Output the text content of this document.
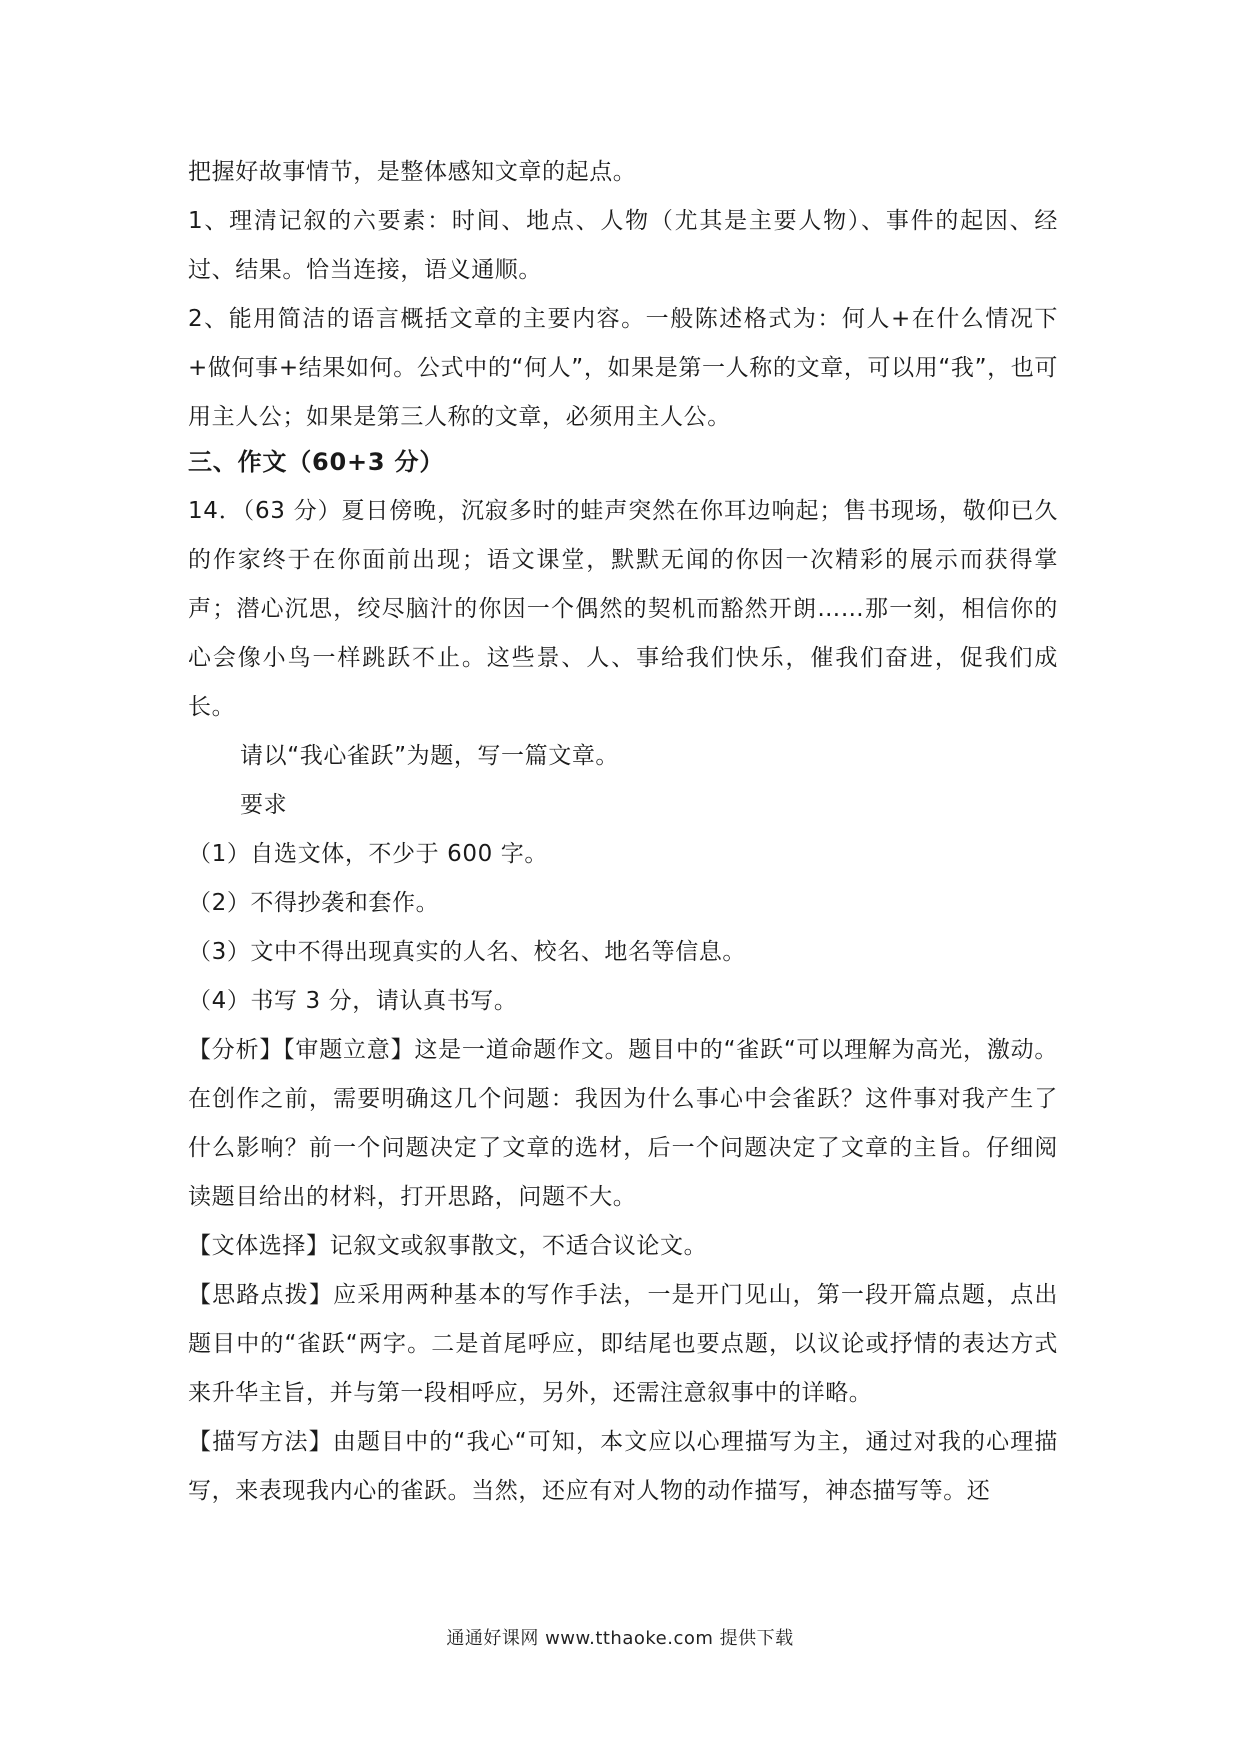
把握好故事情节，是整体感知文章的起点。

1、理清记叙的六要素：时间、地点、人物（尤其是主要人物）、事件的起因、经过、结果。恰当连接，语义通顺。

2、能用简洁的语言概括文章的主要内容。一般陈述格式为：何人+在什么情况下+做何事+结果如何。公式中的“何人”，如果是第一人称的文章，可以用“我”，也可用主人公；如果是第三人称的文章，必须用主人公。

三、作文（60+3 分）

14．（63 分）夏日傍晚，沉寂多时的蛙声突然在你耳边响起；售书现场，敬仰已久的作家终于在你面前出现；语文课堂，默默无闻的你因一次精彩的展示而获得掌声；潜心沉思，绞尽脑汁的你因一个偶然的契机而豁然开朗……那一刻，相信你的心会像小鸟一样跳跃不止。这些景、人、事给我们快乐，催我们奋进，促我们成长。

请以“我心雀跃”为题，写一篇文章。

要求

（1）自选文体，不少于 600 字。

（2）不得抄袭和套作。

（3）文中不得出现真实的人名、校名、地名等信息。

（4）书写 3 分，请认真书写。

【分析】【审题立意】这是一道命题作文。题目中的“雀跃“可以理解为高光，激动。在创作之前，需要明确这几个问题：我因为什么事心中会雀跃？这件事对我产生了什么影响？前一个问题决定了文章的选材，后一个问题决定了文章的主旨。仔细阅读题目给出的材料，打开思路，问题不大。

【文体选择】记叙文或叙事散文，不适合议论文。

【思路点拨】应采用两种基本的写作手法，一是开门见山，第一段开篇点题，点出题目中的“雀跃“两字。二是首尾呼应，即结尾也要点题，以议论或抒情的表达方式来升华主旨，并与第一段相呼应，另外，还需注意叙事中的详略。

【描写方法】由题目中的“我心“可知，本文应以心理描写为主，通过对我的心理描写，来表现我内心的雀跃。当然，还应有对人物的动作描写，神态描写等。还

通通好课网 www.tthaoke.com 提供下载
